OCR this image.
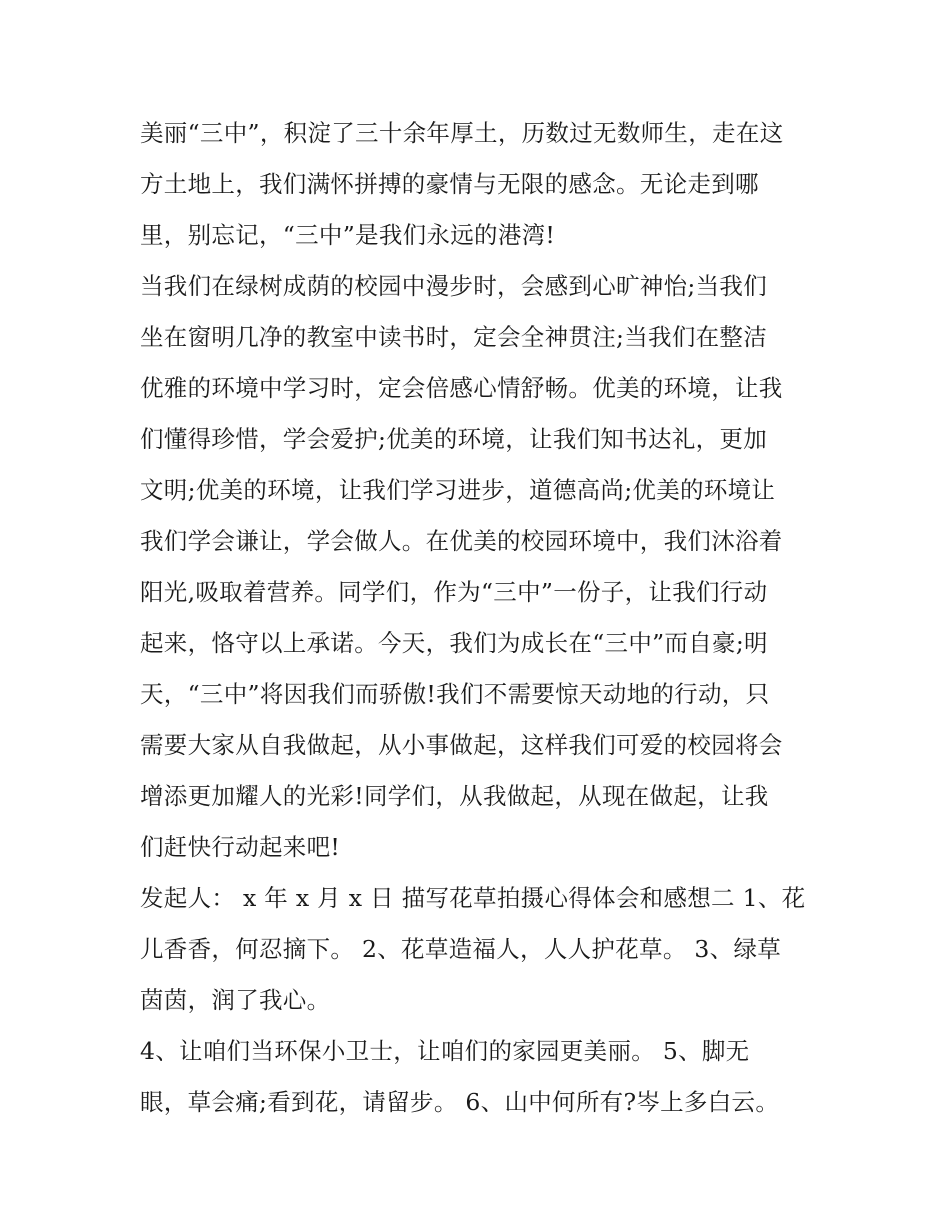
美丽“三中”，积淀了三十余年厚土，历数过无数师生，走在这
方土地上，我们满怀拼搏的豪情与无限的感念。无论走到哪
里，别忘记，“三中”是我们永远的港湾!
当我们在绿树成荫的校园中漫步时，会感到心旷神怡;当我们
坐在窗明几净的教室中读书时，定会全神贯注;当我们在整洁
优雅的环境中学习时，定会倍感心情舒畅。优美的环境，让我
们懂得珍惜，学会爱护;优美的环境，让我们知书达礼，更加
文明;优美的环境，让我们学习进步，道德高尚;优美的环境让
我们学会谦让，学会做人。在优美的校园环境中，我们沐浴着
阳光,吸取着营养。同学们，作为“三中”一份子，让我们行动
起来，恪守以上承诺。今天，我们为成长在“三中”而自豪;明
天，“三中”将因我们而骄傲!我们不需要惊天动地的行动，只
需要大家从自我做起，从小事做起，这样我们可爱的校园将会
增添更加耀人的光彩!同学们，从我做起，从现在做起，让我
们赶快行动起来吧!
发起人： x 年 x 月 x 日 描写花草拍摄心得体会和感想二 1、花
儿香香，何忍摘下。 2、花草造福人，人人护花草。 3、绿草
茵茵，润了我心。
4、让咱们当环保小卫士，让咱们的家园更美丽。 5、脚无
眼，草会痛;看到花，请留步。 6、山中何所有?岑上多白云。
